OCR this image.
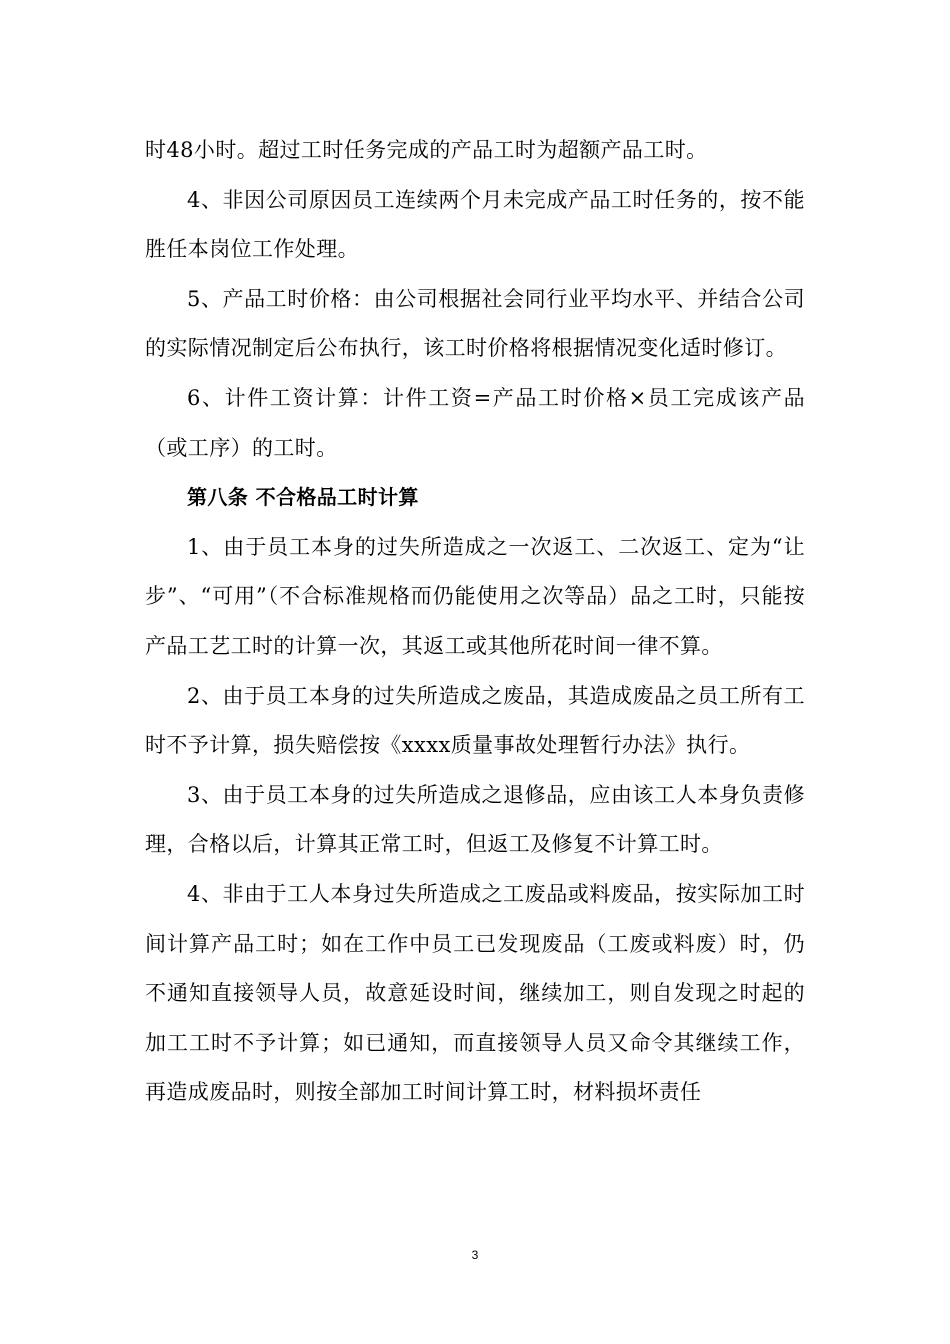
时48小时。超过工时任务完成的产品工时为超额产品工时。

4、非因公司原因员工连续两个月未完成产品工时任务的，按不能胜任本岗位工作处理。

5、产品工时价格：由公司根据社会同行业平均水平、并结合公司的实际情况制定后公布执行，该工时价格将根据情况变化适时修订。

6、计件工资计算：计件工资=产品工时价格×员工完成该产品（或工序）的工时。

第八条 不合格品工时计算

1、由于员工本身的过失所造成之一次返工、二次返工、定为“让步”、“可用”（不合标准规格而仍能使用之次等品）品之工时，只能按产品工艺工时的计算一次，其返工或其他所花时间一律不算。

2、由于员工本身的过失所造成之废品，其造成废品之员工所有工时不予计算，损失赔偿按《xxxx质量事故处理暂行办法》执行。

3、由于员工本身的过失所造成之退修品，应由该工人本身负责修理，合格以后，计算其正常工时，但返工及修复不计算工时。

4、非由于工人本身过失所造成之工废品或料废品，按实际加工时间计算产品工时；如在工作中员工已发现废品（工废或料废）时，仍不通知直接领导人员，故意延设时间，继续加工，则自发现之时起的加工工时不予计算；如已通知，而直接领导人员又命令其继续工作，再造成废品时，则按全部加工时间计算工时，材料损坏责任

3
